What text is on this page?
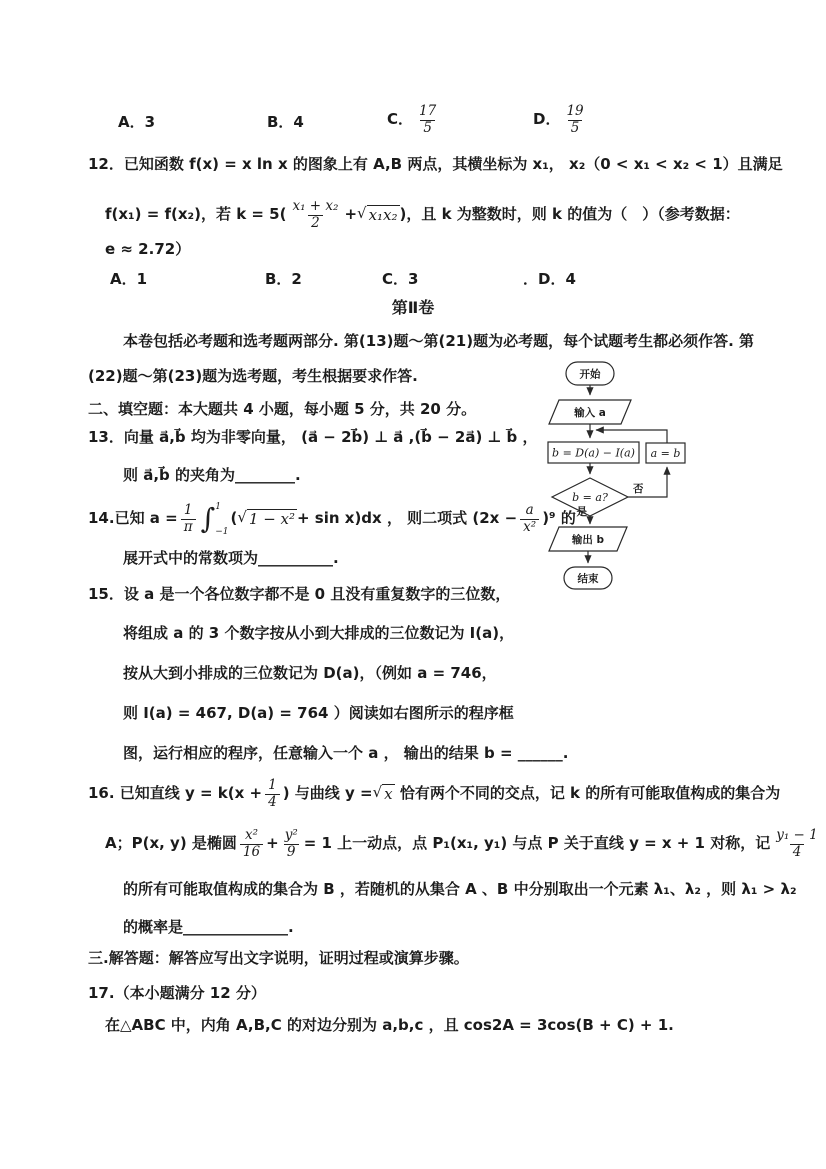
A．3	B．4	C． $\frac{17}{5}$	D． $\frac{19}{5}$
12．已知函数 f(x) = x ln x 的图象上有 A,B 两点，其横坐标为 x₁， x₂（0 < x₁ < x₂ < 1）且满足
f(x₁) = f(x₂)，若 $k = 5( \frac{\text{x₁ + x₂}}{2}$ + √ x₁x₂ )，且 k 为整数时，则 k 的值为（　）（参考数据：
e ≈ 2.72）
A．1	B．2	C．3	．D．4
第Ⅱ卷
本卷包括必考题和选考题两部分. 第(13)题～第(21)题为必考题，每个试题考生都必须作答. 第
(22)题～第(23)题为选考题，考生根据要求作答.
二、填空题：本大题共 4 小题，每小题 5 分，共 20 分。
13．向量 a⃗,b⃗ 均为非零向量， (a⃗ − 2b⃗) ⊥ a⃗ ,(b⃗ − 2a⃗) ⊥ b⃗ ，
则 a⃗,b⃗ 的夹角为________.
14.已知 $a = \frac{1}{\pi}$ ∫ 1
−1
( √ 1 − x² + sin x)dx ， 则二项式 $(2x - \frac{a}{\text{x²}} )^9$ 的
展开式中的常数项为__________.
15．设 a 是一个各位数字都不是 0 且没有重复数字的三位数，
将组成 a 的 3 个数字按从小到大排成的三位数记为 I(a)，
按从大到小排成的三位数记为 D(a)，（例如 a = 746，
则 I(a) = 467, D(a) = 764 ）阅读如右图所示的程序框
图，运行相应的程序，任意输入一个 a ， 输出的结果 b = ______.
16. 已知直线 $y = k(x + \frac{1}{4}$ ) 与曲线 y = √ x 恰有两个不同的交点，记 k 的所有可能取值构成的集合为
A；P(x, y) 是椭圆 $\frac{\text{x²}}{16} + \frac{\text{y²}}{9} = 1$ 上一动点，点 P₁(x₁, y₁) 与点 P 关于直线 y = x + 1 对称，记 $\frac{\text{y₁ − 1}}{4}$
的所有可能取值构成的集合为 B ，若随机的从集合 A 、B 中分别取出一个元素 λ₁、λ₂ ，则 λ₁ > λ₂
的概率是______________.
三.解答题：解答应写出文字说明，证明过程或演算步骤。
17.（本小题满分 12 分）
在△ABC 中，内角 A,B,C 的对边分别为 a,b,c ，且 cos2A = 3cos(B + C) + 1.
开始
输入 a
b = D(a) − I(a) a = b
b = a?
否
是
输出 b
结束
